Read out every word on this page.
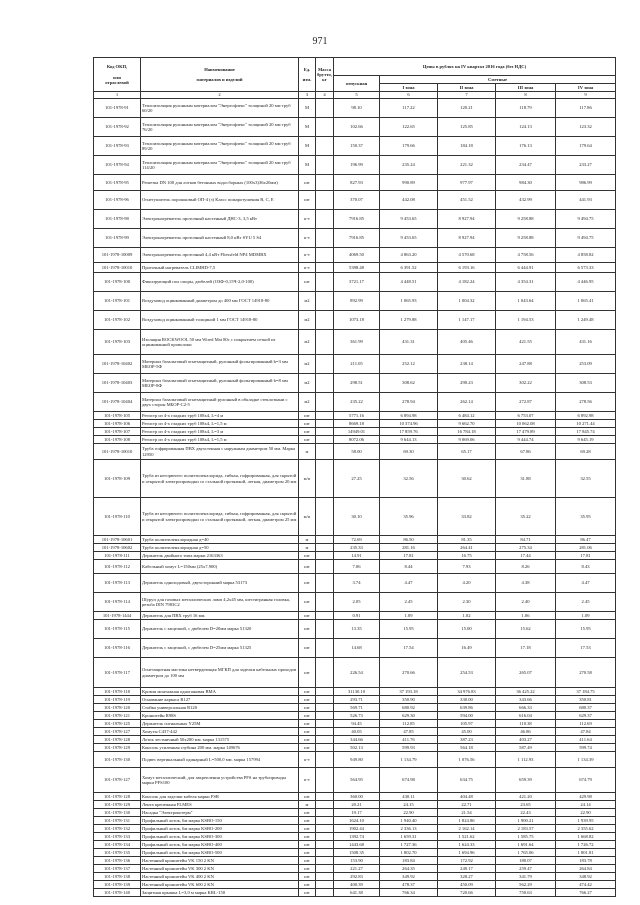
971
Код ОКП,

или
отраслевой	Наименование

материалов и изделий	Ед.

изм.	Масса
брутто,
кг	Цены в рублях на IV квартал 2016 года (без НДС)				
				отпускная	Сметные			
					I зона	II зона	III зона	IV зона
1	2	3	4	5	6	7	8	9
101-1978-91	Теплоизоляция рулонным материалом "Энергофлекс" толщиной 20 мм труб 60/20	М		98.10	117.22	120.21	118.79	117.86
101-1978-92	Теплоизоляция рулонным материалом "Энергофлекс" толщиной 20 мм труб 76/20	М		102.66	122.65	125.85	124.13	123.32
101-1978-93	Теплоизоляция рулонным материалом "Энергофлекс" толщиной 20 мм труб 89/20	М		150.37	179.66	184.18	176.13	179.64
101-1978-94	Теплоизоляция рулонным материалом "Энергофлекс" толщиной 20 мм труб 114/20	М		196.99	235.24	221.32	234.47	233.27
101-1978-95	Решетка DN 100 для лотков бетонных водосборных (100х3)36х20мм)	шт		827.93	990.89	977.97	984.30	986.99
101-1978-96	Огнетушитель порошковый ОП-4 (з) Класс пожаротушения В, С, Е	шт		370.07	442.08	451.52	432.99	441.93
101-1978-98	Электронагреватель проточный настенный ДНС-3, 3,5 кВт	к-т		7916.85	9 453.65	8 927.94	9 258.88	9 494.75
101-1978-99	Электронагреватель проточный настенный 8,0 кВт SYU 5 S4	к-т		7916.85	9 453.65	8 927.94	9 258.88	9 494.75
101-1978-10009	Электронагреватель проточный 4,4 кВт Fliessfeld NP4 MDMBX	к-т		4069.50	4 863.20	4 570.68	4 758.56	4 858.82
101-1978-10010	Проточный нагреватель CLIMHD-7,5	к-т		5398.48	6 391.52	6 193.16	6 444.91	6 573.33
101-1978-100	Фиксирующий пол опоры, дюбелей (ОЗФ-0,15Ч-2,0-100)	шт		3721.17	4 448.51	4 182.24	4 354.31	4 446.95
101-1978-101	Воздуховод оцинкованный диаметром до 400 мм ГОСТ 14918-80	м2		892.99	1 065.93	1 004.32	1 043.64	1 065.41
101-1978-102	Воздуховод оцинкованный толщиной 1 мм ГОСТ 14918-80	м2		1073.18	1 279.88	1 147.17	1 194.53	1 249.48
101-1978-103	Изоляция ROCKWOOL 50 мм Wired Mat 80с с покрытием сеткой из оцинкованной проволоки	м2		361.99	431.31	405.46	421.55	431.16
101-1978-10402	Материал базальтовый огнезащитный, рулонный фольгированный b=3 мм МБОР-5Ф	м2		211.05	252.12	238.14	247.88	253.09
101-1978-10403	Материал базальтовый огнезащитный, рулонный фольгированный b=8 мм МБОР-8Ф	м2		298.51	308.62	290.23	302.22	308.53
101-1978-10404	Материал базальтовый огнезащитный рулонный в обкладке стеклоткани с двух сторон МБОР-С2-5	м2		235.22	278.94	262.14	272.87	278.56
101-1978-105	Регистр из 4-х гладких труб 108х4, L=4 м	шт		5771.16	6 894.98	6 484.12	6 753.07	6 892.98
101-1978-106	Регистр из 4-х гладких труб 108х4, L=1,5 м	шт		8669.18	10 374.96	9 662.70	10 062.08	10 271.44
101-1978-107	Регистр из 4-х гладких труб 108х4, L=3 м	шт		14949.01	17 859.76	16 784.18	17 479.89	17 845.74
101-1978-108	Регистр из 4-х гладких труб 108х4, L=1,5 м	шт		8072.06	9 644.13	9 069.06	9 444.74	9 645.19
101-1978-10010	Труба гофрированная ПВХ двухстенная с наружным диаметром 50 мм. Марка 12950	м		58.00	69.30	65.17	67.86	69.28
101-1978-109	Труба из негорючего полиэтиленхлорида, гибкая, гофрированная, для скрытой и открытой электропроводки со стальной протяжкой, легкая, диаметром 20 мм	м/п		27.25	32.56	30.62	31.88	32.55
101-1978-110	Труба из негорючего полиэтиленхлорида, гибкая, гофрированная, для скрытой и открытой электропроводки со стальной протяжкой, легкая, диаметром 25 мм	м/п		30.10	35.96	33.82	35.22	35.95
101-1978-10601	Труба полиэтиленхлоридная д=40	м		72.69	86.50	81.35	84.71	86.47
101-1978-10602	Труба полиэтиленхлоридная д=50	м		235.33	281.16	264.41	275.34	281.06
101-1978-111	Держатель двойного типа марки 2163363	шт		14.91	17.81	16.75	17.44	17.81
101-1978-112	Кабельный хомут L=150мм (25х7,900)	шт		7.06	8.44	7.93	8.26	8.43
101-1978-113	Держатель одноходовый, двухсторонний марка 53173	шт		3.74	4.47	4.20	4.38	4.47
101-1978-114	Шуруп для газовых металлических ламп 4,2х45 мм, шестигранная головка, резьба DIN 7983C2	шт		2.05	2.45	2.30	2.40	2.45
101-1978-1444	Держатель для ПВХ труб 16 мм.	шт		0.91	1.09	1.02	1.06	1.09
101-1978-115	Держатель с защелкой, с дюбелем D=20мм марка 51320	шт		13.35	15.95	15.00	15.62	15.95
101-1978-116	Держатель с защелкой, с дюбелем D=25мм марка 51325	шт		14.68	17.54	16.49	17.18	17.53
101-1978-117	Огнезащитная мастика нетвердеющая МГКП для заделки кабельных проходов диаметром до 100 мм	шт		226.54	270.66	254.53	265.07	270.58
101-1978-118	Кровля монтажная однопаковая ВМА	шт		31130.10	37 193.18	34 976.83	36 425.22	37 184.75
101-1978-119	Основание каркаса R127	шт		293.71	350.90	330.00	343.66	350.81
101-1978-120	Стойка универсальная R120	шт		569.71	680.92	639.86	666.33	680.37
101-1978-121	Кронштейн R98S	шт		526.73	629.30	594.00	616.04	629.37
101-1978-125	Держатель сигнальных Y25M	шт		94.45	112.85	105.97	110.38	112.69
101-1978-127	Хомуты С437-442	шт		40.05	47.85	45.00	46.86	47.84
101-1978-128	Лоток лестничный 50х200 мм. марка 131575	шт		344.66	411.76	387.23	403.27	411.64
101-1978-129	Консоль усиленная глубина 200 мм. марка 149676	шт		502.13	599.93	564.18	587.49	599.74
101-1978-130	Подвес вертикальный одинарный L=500,0 мм. марка 157994	к-т		949.80	1 134.79	1 076.56	1 112.93	1 134.39
101-1978-127	Хомут металлический, для закрепления устройства PFS на трубопроводы марки PFS100	к-т		564.95	674.98	634.75	659.39	674.79
101-1978-128	Консоль для заделки кабеля марки FSR	шт		360.00	430.11	404.48	421.20	429.98
101-1978-129	Лента крепежная FLMES	м		20.21	24.15	22.71	23.65	24.14
101-1978-130	Насадка "Электрокотерм"	шт		19.17	22.90	21.54	22.43	22.90
101-1978-131	Профильный лоток, 6м марка KSBO-150	шт		1624.10	1 940.40	1 824.86	1 900.21	1 939.95
101-1978-132	Профильный лоток, 6м марка KSBO-200	шт		1902.44	2 336.13	2 162.14	2 183.57	2 355.62
101-1978-133	Профильный лоток, 6м марка KSBO-300	шт		1392.74	1 659.31	1 521.62	1 585.75	1 668.82
101-1978-134	Профильный лоток, 6м марка KSBO-400	шт		1443.68	1 727.36	1 624.33	1 691.64	1 726.72
101-1978-135	Профильный лоток, 6м марка KSBO-500	шт		1508.35	1 802.70	1 694.96	1 765.06	1 801.81
101-1978-136	Настенный кронштейн VK 150 2 KN	шт		153.90	183.84	172.92	180.07	183.78
101-1978-137	Настенный кронштейн VK 300 2 KN	шт		221.27	264.35	249.17	259.47	264.84
101-1978-138	Настенный кронштейн VK 400 2 KN	шт		292.83	349.92	328.27	341.79	348.92
101-1978-139	Настенный кронштейн VK 600 2 KN	шт		400.39	478.37	450.09	562.29	474.42
101-1978-140	Защитная крышка L=3,0 м марка KRL-150	шт		641.38	766.34	720.66	750.63	766.27
